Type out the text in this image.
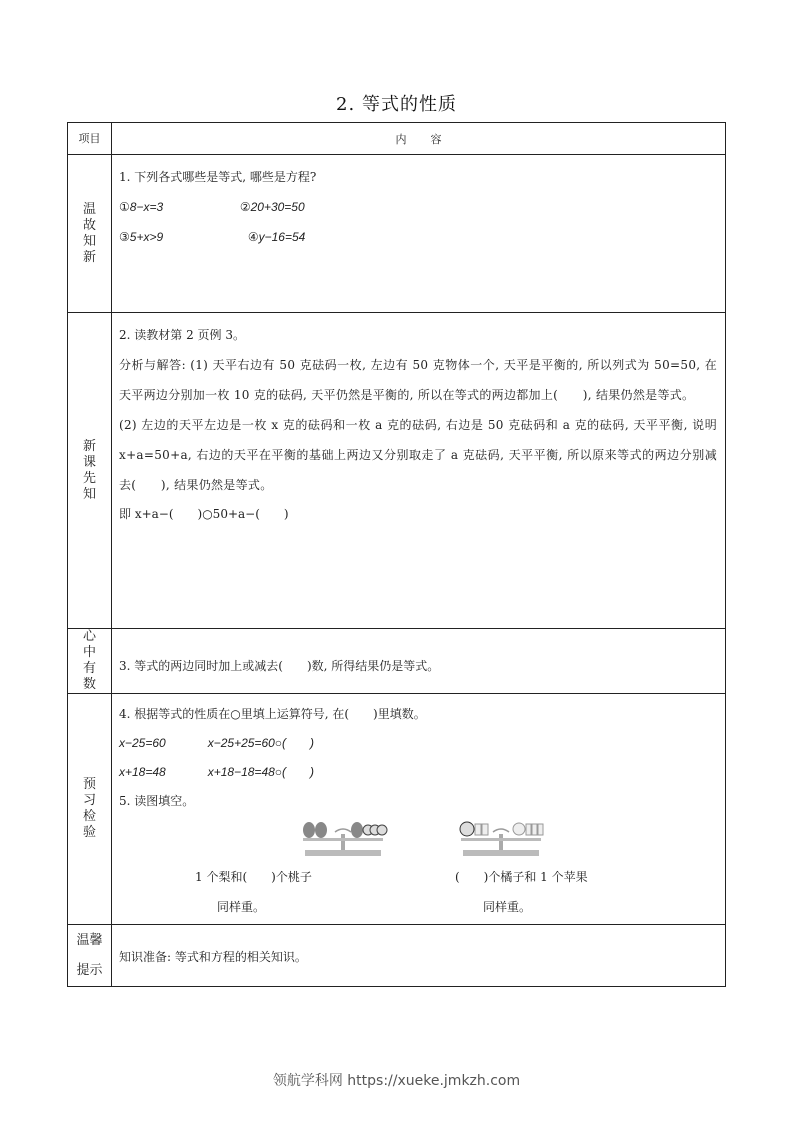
2. 等式的性质
项目	内容
温故知新	1. 下列各式哪些是等式, 哪些是方程?

①8−x=3 ②20+30=50

③5+x>9 ④y−16=54

新课先知	2. 读教材第 2 页例 3。

分析与解答: (1) 天平右边有 50 克砝码一枚, 左边有 50 克物体一个, 天平是平衡的, 所以列式为 50=50, 在天平两边分别加一枚 10 克的砝码, 天平仍然是平衡的, 所以在等式的两边都加上(　　), 结果仍然是等式。

(2) 左边的天平左边是一枚 x 克的砝码和一枚 a 克的砝码, 右边是 50 克砝码和 a 克的砝码, 天平平衡, 说明 x+a=50+a, 右边的天平在平衡的基础上两边又分别取走了 a 克砝码, 天平平衡, 所以原来等式的两边分别减去(　　), 结果仍然是等式。

即 x+a−(　　)○50+a−(　　)

心中有数	3. 等式的两边同时加上或减去(　　)数, 所得结果仍是等式。

预习检验	

4. 根据等式的性质在○里填上运算符号, 在(　　)里填数。

x−25=60	x−25+25=60○(　　)

x+18=48	x+18−18=48○(　　)

5. 读图填空。

1 个梨和(　　)个桃子
同样重。
(　　)个橘子和 1 个苹果
同样重。

温馨提示	知识准备: 等式和方程的相关知识。

领航学科网 https://xueke.jmkzh.com
